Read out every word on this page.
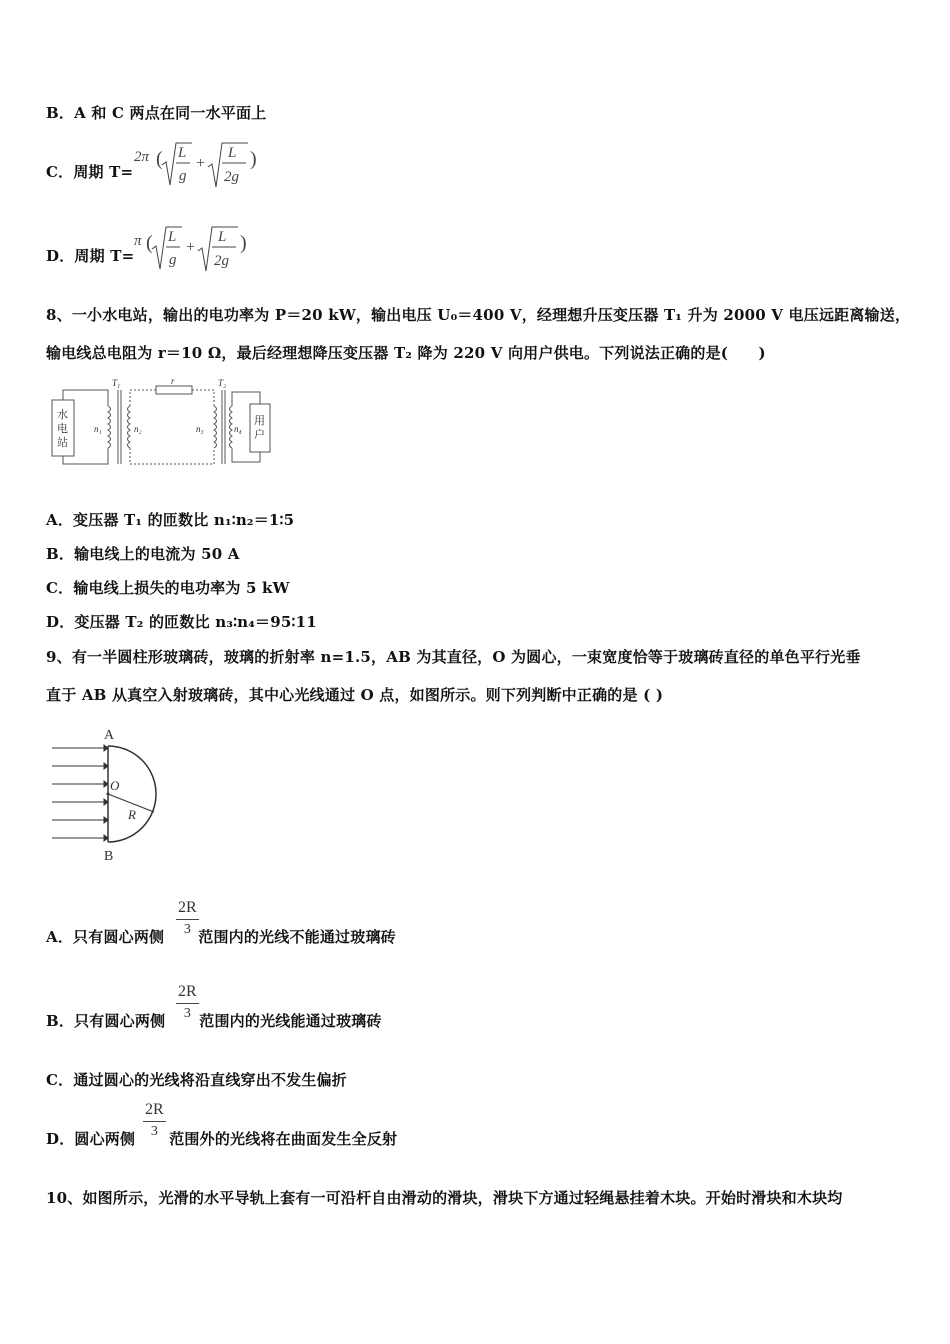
B．A 和 C 两点在同一水平面上
C．周期 T=
2π ( L
g
+
L
2g
)
D．周期 T=
π ( L
g
+
L
2g
)
8、一小水电站，输出的电功率为 P＝20 kW，输出电压 U₀＝400 V，经理想升压变压器 T₁ 升为 2000 V 电压远距离输送，
输电线总电阻为 r＝10 Ω，最后经理想降压变压器 T₂ 降为 220 V 向用户供电。下列说法正确的是(　　)
水
电
站
n₁
T₁
n₂
r
n₃
T₂
n₄
用
户
A．变压器 T₁ 的匝数比 n₁∶n₂＝1∶5
B．输电线上的电流为 50 A
C．输电线上损失的电功率为 5 kW
D．变压器 T₂ 的匝数比 n₃∶n₄＝95∶11
9、有一半圆柱形玻璃砖，玻璃的折射率 n=1.5，AB 为其直径，O 为圆心，一束宽度恰等于玻璃砖直径的单色平行光垂
直于 AB 从真空入射玻璃砖，其中心光线通过 O 点，如图所示。则下列判断中正确的是 ( )
A
B
O
R
A．只有圆心两侧 范围内的光线不能通过玻璃砖
2R
3
B．只有圆心两侧 范围内的光线能通过玻璃砖
2R
3
C．通过圆心的光线将沿直线穿出不发生偏折
D．圆心两侧 范围外的光线将在曲面发生全反射
2R
3
10、如图所示，光滑的水平导轨上套有一可沿杆自由滑动的滑块，滑块下方通过轻绳悬挂着木块。开始时滑块和木块均
